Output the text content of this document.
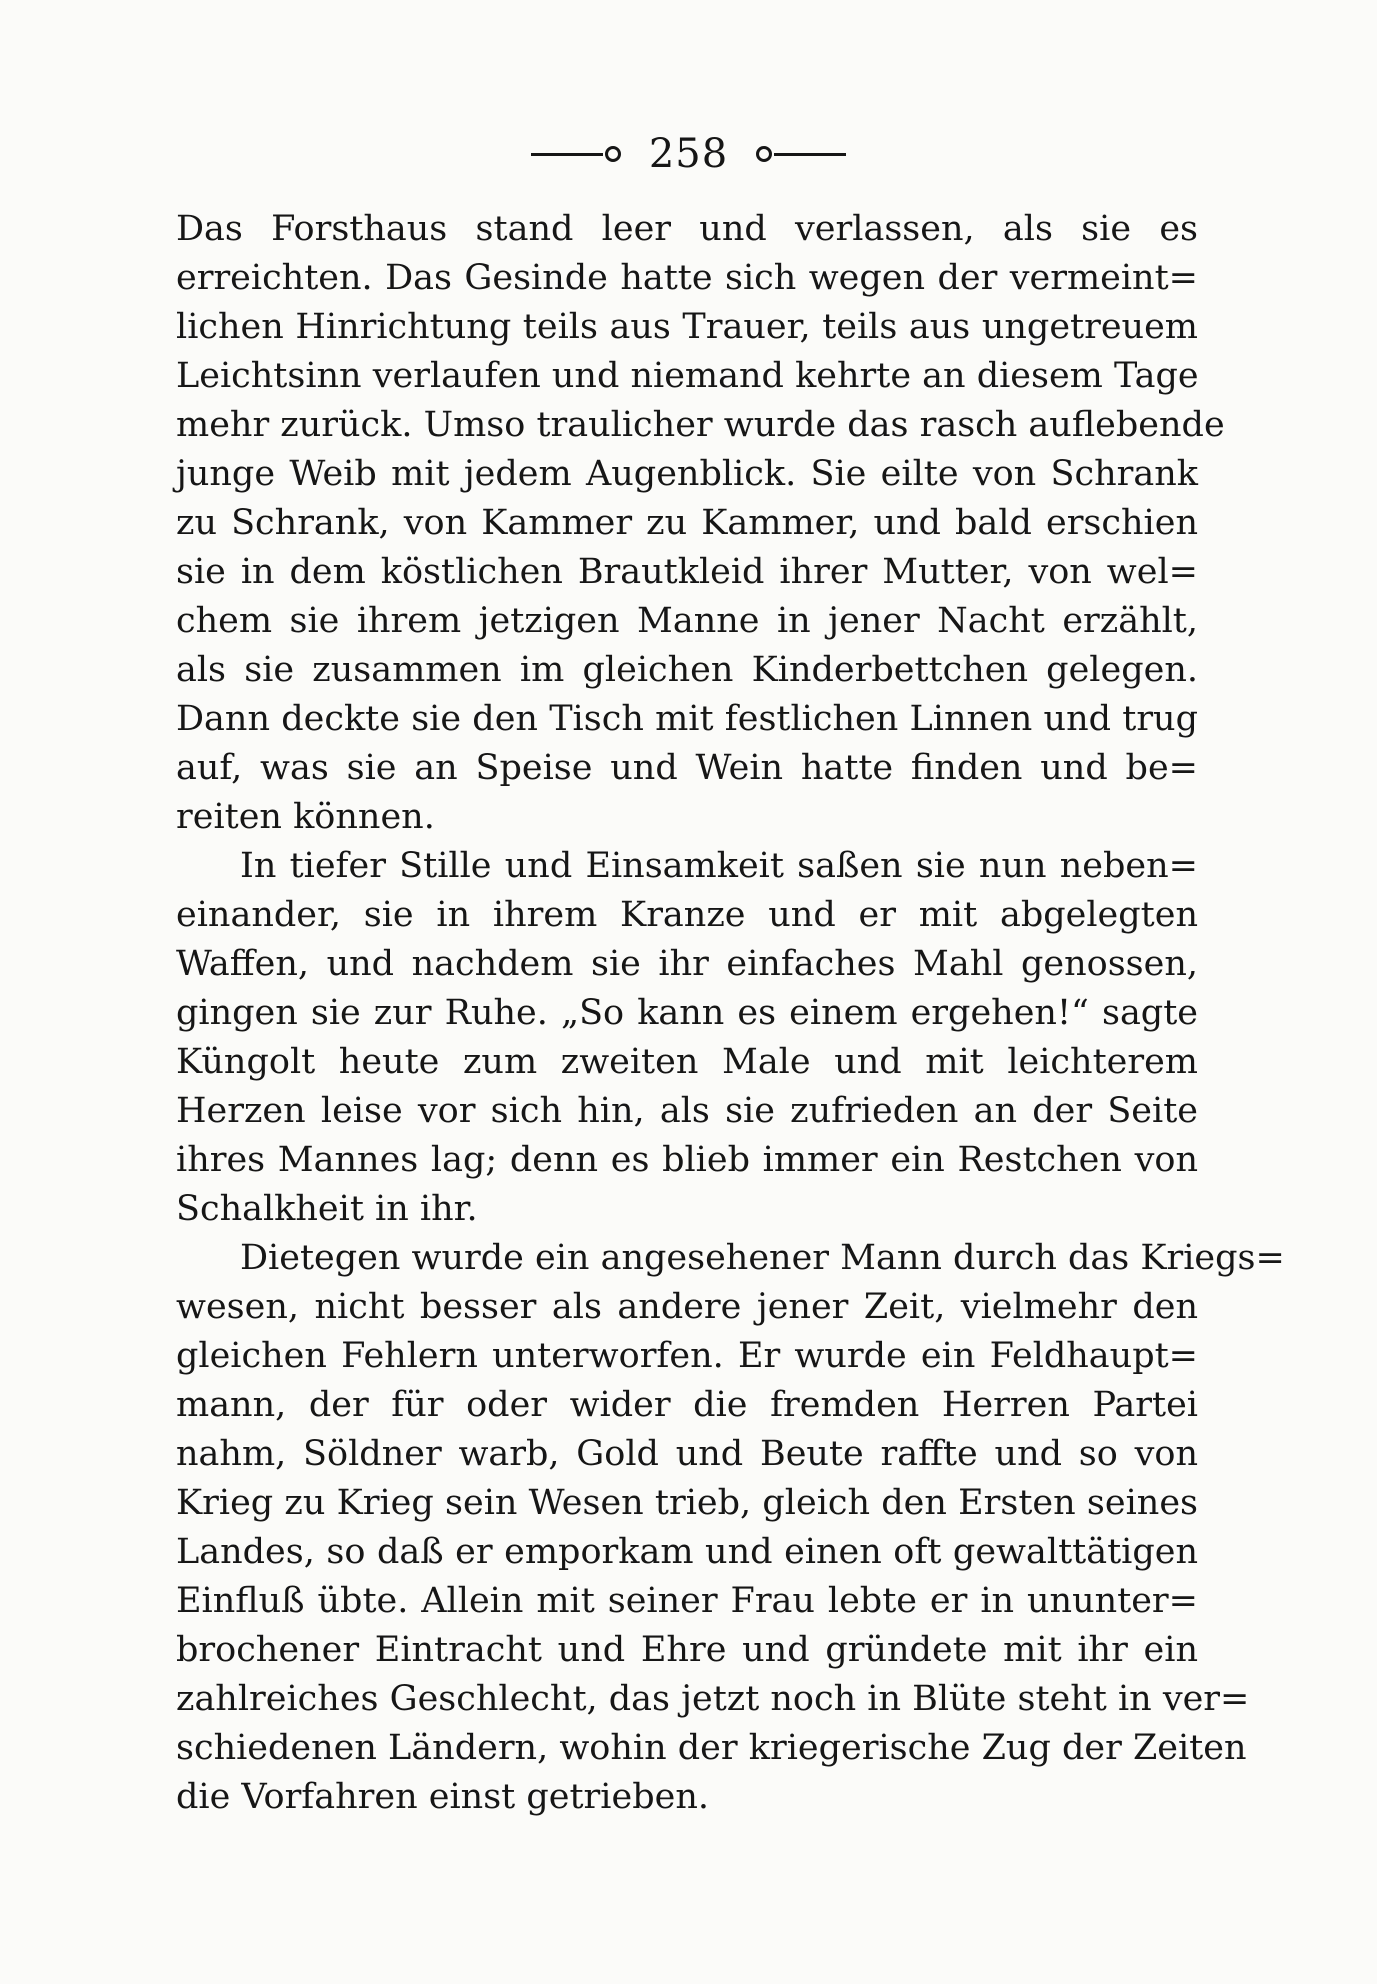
258
Das Forsthaus stand leer und verlassen, als sie es
erreichten. Das Gesinde hatte sich wegen der vermeint=
lichen Hinrichtung teils aus Trauer, teils aus ungetreuem
Leichtsinn verlaufen und niemand kehrte an diesem Tage
mehr zurück. Umso traulicher wurde das rasch auflebende
junge Weib mit jedem Augenblick. Sie eilte von Schrank
zu Schrank, von Kammer zu Kammer, und bald erschien
sie in dem köstlichen Brautkleid ihrer Mutter, von wel=
chem sie ihrem jetzigen Manne in jener Nacht erzählt,
als sie zusammen im gleichen Kinderbettchen gelegen.
Dann deckte sie den Tisch mit festlichen Linnen und trug
auf, was sie an Speise und Wein hatte finden und be=
reiten können.
In tiefer Stille und Einsamkeit saßen sie nun neben=
einander, sie in ihrem Kranze und er mit abgelegten
Waffen, und nachdem sie ihr einfaches Mahl genossen,
gingen sie zur Ruhe. „So kann es einem ergehen!“ sagte
Küngolt heute zum zweiten Male und mit leichterem
Herzen leise vor sich hin, als sie zufrieden an der Seite
ihres Mannes lag; denn es blieb immer ein Restchen von
Schalkheit in ihr.
Dietegen wurde ein angesehener Mann durch das Kriegs=
wesen, nicht besser als andere jener Zeit, vielmehr den
gleichen Fehlern unterworfen. Er wurde ein Feldhaupt=
mann, der für oder wider die fremden Herren Partei
nahm, Söldner warb, Gold und Beute raffte und so von
Krieg zu Krieg sein Wesen trieb, gleich den Ersten seines
Landes, so daß er emporkam und einen oft gewalttätigen
Einfluß übte. Allein mit seiner Frau lebte er in ununter=
brochener Eintracht und Ehre und gründete mit ihr ein
zahlreiches Geschlecht, das jetzt noch in Blüte steht in ver=
schiedenen Ländern, wohin der kriegerische Zug der Zeiten
die Vorfahren einst getrieben.
